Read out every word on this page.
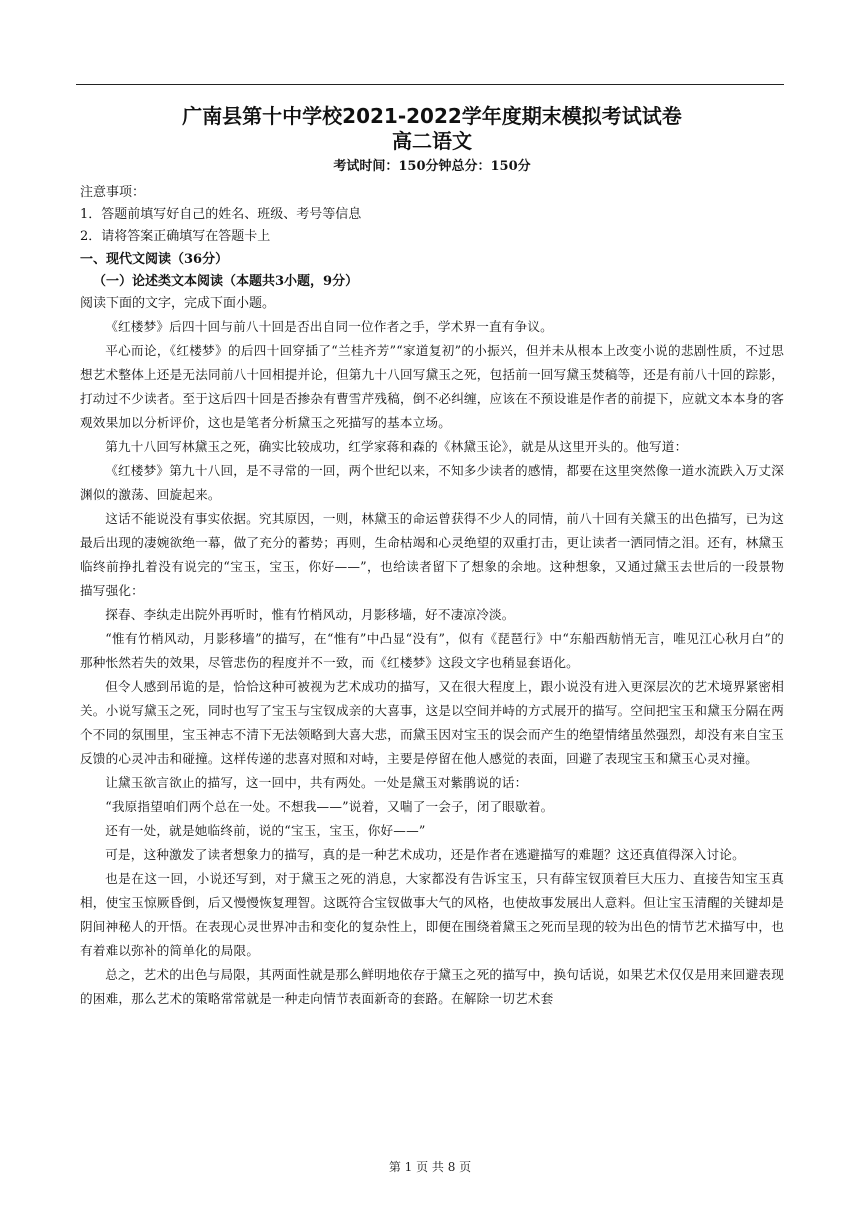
广南县第十中学校2021-2022学年度期末模拟考试试卷
高二语文
考试时间：150分钟总分：150分

注意事项：

1．答题前填写好自己的姓名、班级、考号等信息

2．请将答案正确填写在答题卡上

一、现代文阅读（36分）

（一）论述类文本阅读（本题共3小题，9分）

阅读下面的文字，完成下面小题。

《红楼梦》后四十回与前八十回是否出自同一位作者之手，学术界一直有争议。

平心而论，《红楼梦》的后四十回穿插了“兰桂齐芳”“家道复初”的小振兴，但并未从根本上改变小说的悲剧性质，不过思想艺术整体上还是无法同前八十回相提并论，但第九十八回写黛玉之死，包括前一回写黛玉焚稿等，还是有前八十回的踪影，打动过不少读者。至于这后四十回是否掺杂有曹雪芹残稿，倒不必纠缠，应该在不预设谁是作者的前提下，应就文本本身的客观效果加以分析评价，这也是笔者分析黛玉之死描写的基本立场。

第九十八回写林黛玉之死，确实比较成功，红学家蒋和森的《林黛玉论》，就是从这里开头的。他写道：

《红楼梦》第九十八回，是不寻常的一回，两个世纪以来，不知多少读者的感情，都要在这里突然像一道水流跌入万丈深渊似的激荡、回旋起来。

这话不能说没有事实依据。究其原因，一则，林黛玉的命运曾获得不少人的同情，前八十回有关黛玉的出色描写，已为这最后出现的凄婉欲绝一幕，做了充分的蓄势；再则，生命枯竭和心灵绝望的双重打击，更让读者一洒同情之泪。还有，林黛玉临终前挣扎着没有说完的“宝玉，宝玉，你好——”，也给读者留下了想象的余地。这种想象，又通过黛玉去世后的一段景物描写强化：

探春、李纨走出院外再听时，惟有竹梢风动，月影移墙，好不凄凉冷淡。

“惟有竹梢风动，月影移墙”的描写，在“惟有”中凸显“没有”，似有《琵琶行》中“东船西舫悄无言，唯见江心秋月白”的那种怅然若失的效果，尽管悲伤的程度并不一致，而《红楼梦》这段文字也稍显套语化。

但令人感到吊诡的是，恰恰这种可被视为艺术成功的描写，又在很大程度上，跟小说没有进入更深层次的艺术境界紧密相关。小说写黛玉之死，同时也写了宝玉与宝钗成亲的大喜事，这是以空间并峙的方式展开的描写。空间把宝玉和黛玉分隔在两个不同的氛围里，宝玉神志不清下无法领略到大喜大悲，而黛玉因对宝玉的误会而产生的绝望情绪虽然强烈，却没有来自宝玉反馈的心灵冲击和碰撞。这样传递的悲喜对照和对峙，主要是停留在他人感觉的表面，回避了表现宝玉和黛玉心灵对撞。

让黛玉欲言欲止的描写，这一回中，共有两处。一处是黛玉对紫鹃说的话：

“我原指望咱们两个总在一处。不想我——”说着，又喘了一会子，闭了眼歇着。

还有一处，就是她临终前，说的“宝玉，宝玉，你好——”

可是，这种激发了读者想象力的描写，真的是一种艺术成功，还是作者在逃避描写的难题？这还真值得深入讨论。

也是在这一回，小说还写到，对于黛玉之死的消息，大家都没有告诉宝玉，只有薛宝钗顶着巨大压力、直接告知宝玉真相，使宝玉惊厥昏倒，后又慢慢恢复理智。这既符合宝钗做事大气的风格，也使故事发展出人意料。但让宝玉清醒的关键却是阴间神秘人的开悟。在表现心灵世界冲击和变化的复杂性上，即便在围绕着黛玉之死而呈现的较为出色的情节艺术描写中，也有着难以弥补的简单化的局限。

总之，艺术的出色与局限，其两面性就是那么鲜明地依存于黛玉之死的描写中，换句话说，如果艺术仅仅是用来回避表现的困难，那么艺术的策略常常就是一种走向情节表面新奇的套路。在解除一切艺术套

第 1 页 共 8 页
